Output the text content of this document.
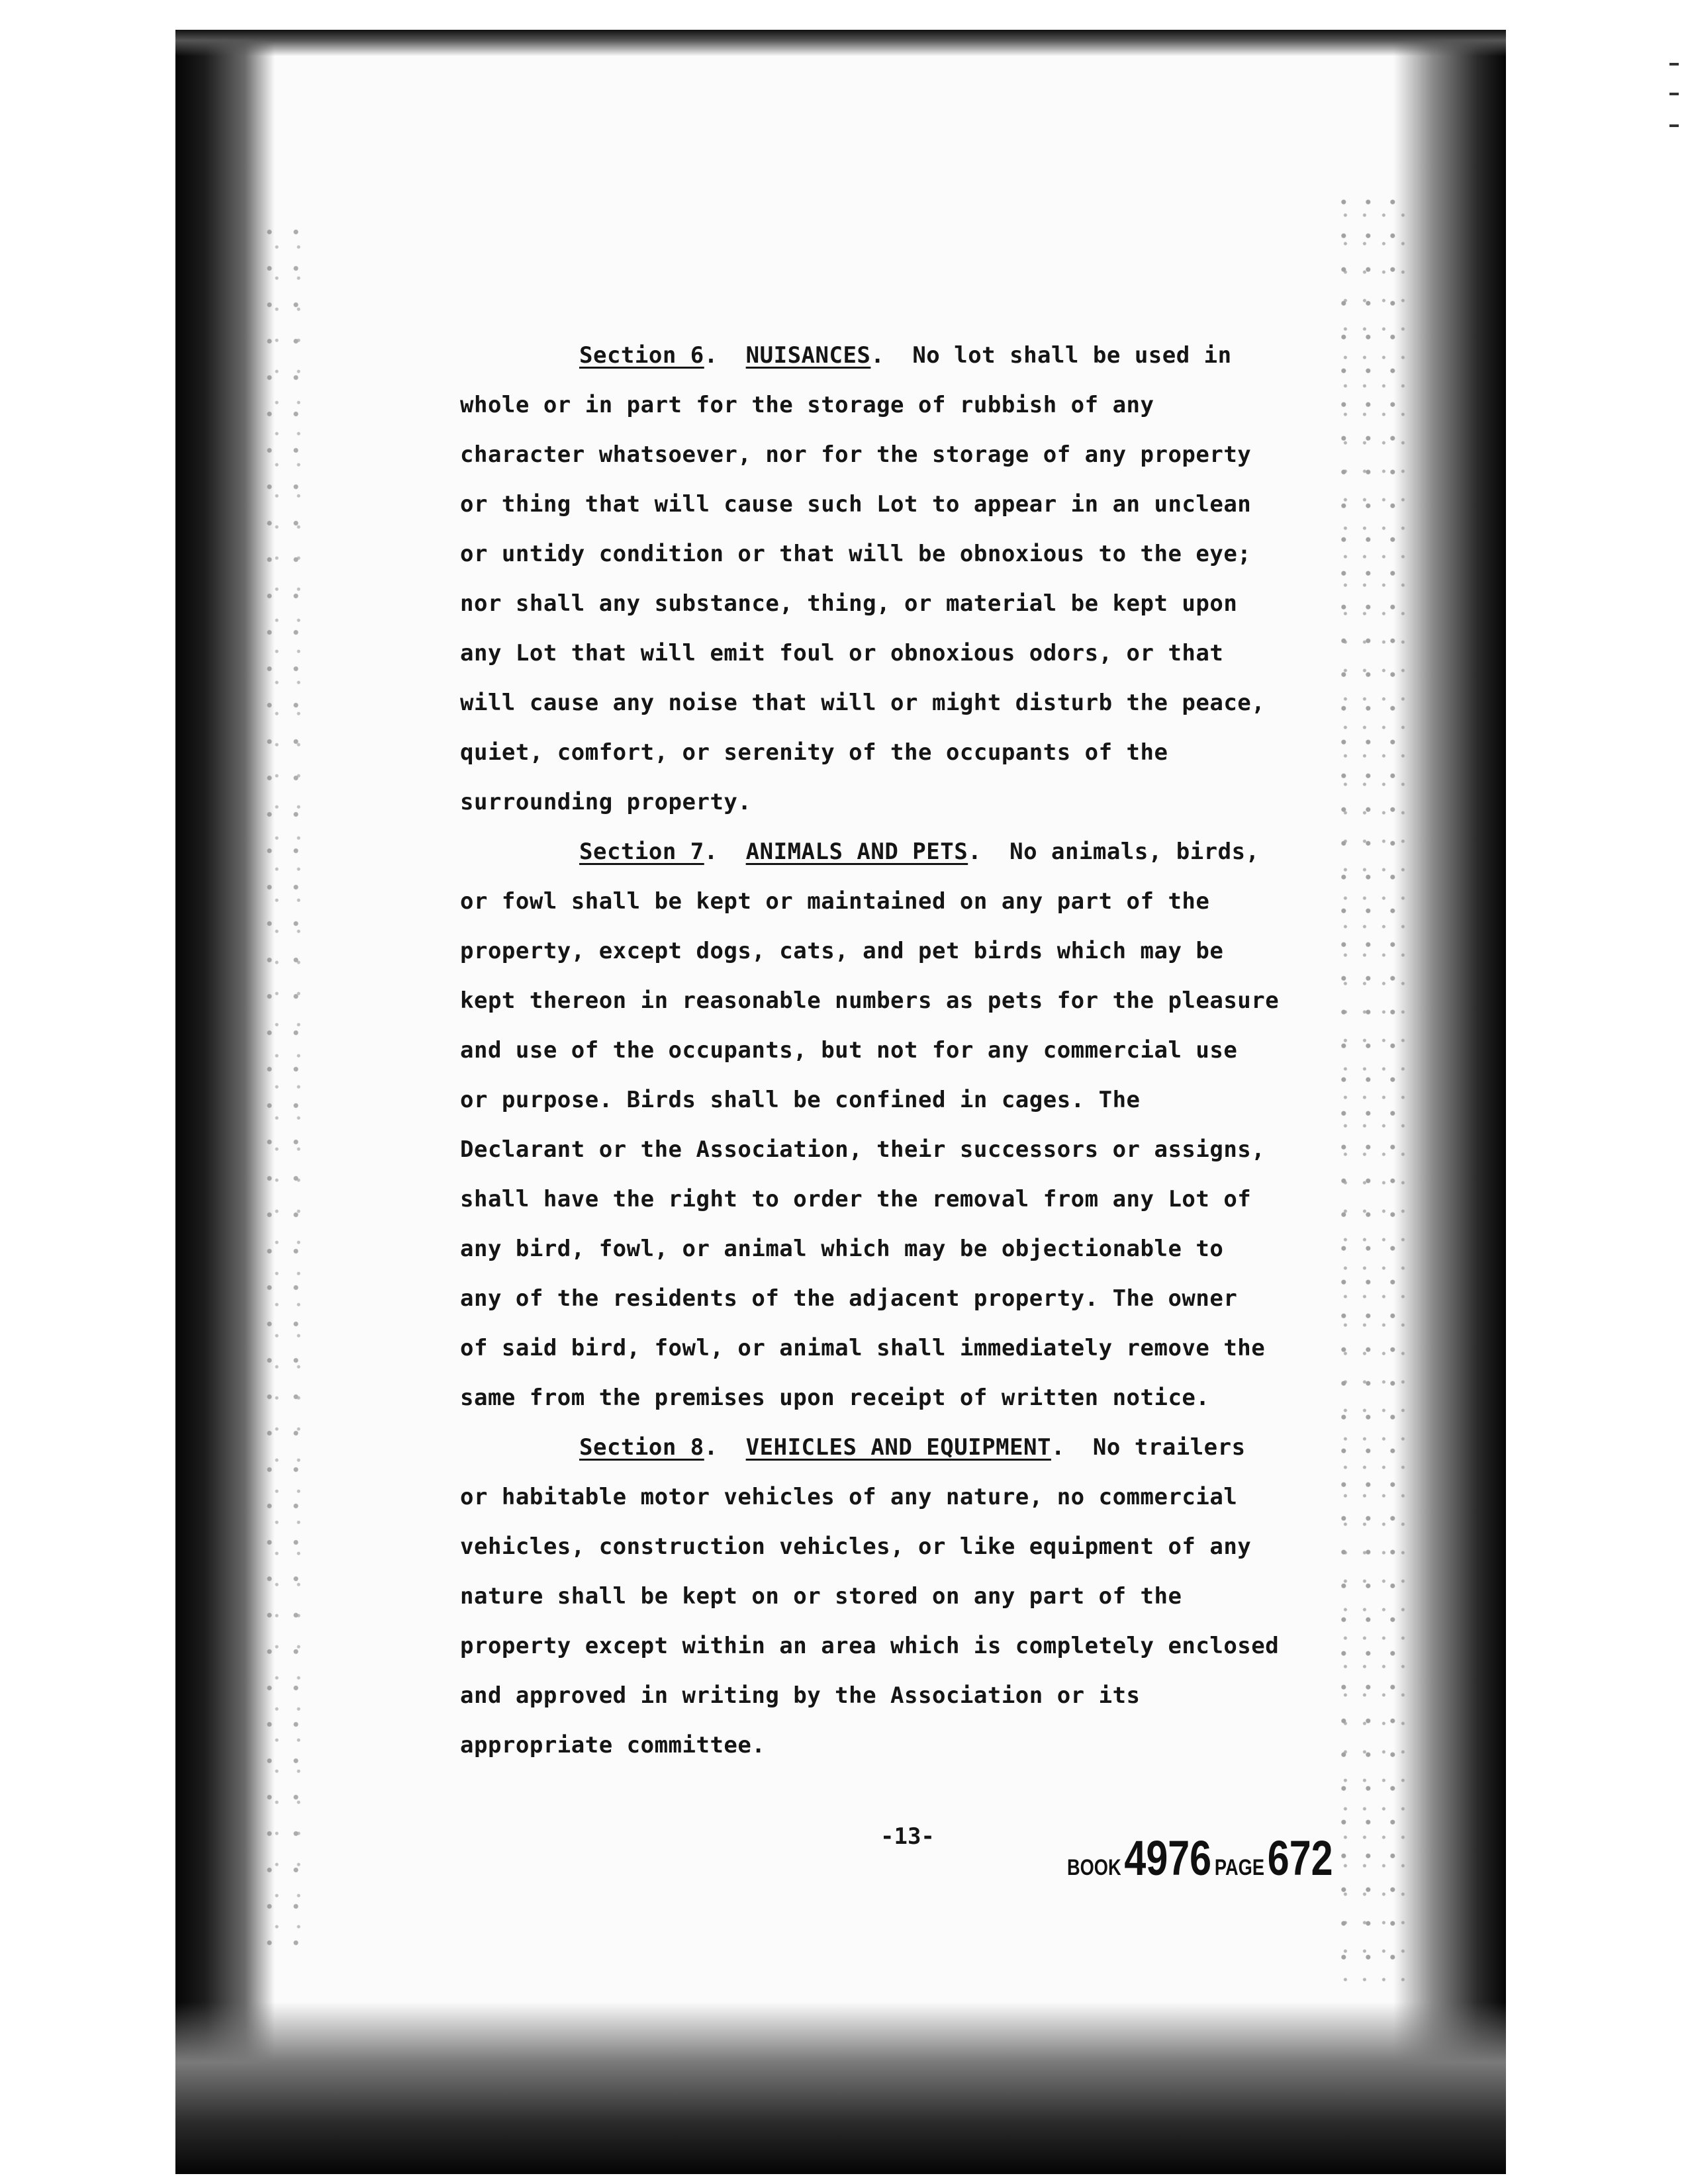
Section 6.  NUISANCES.  No lot shall be used in
whole or in part for the storage of rubbish of any
character whatsoever, nor for the storage of any property
or thing that will cause such Lot to appear in an unclean
or untidy condition or that will be obnoxious to the eye;
nor shall any substance, thing, or material be kept upon
any Lot that will emit foul or obnoxious odors, or that
will cause any noise that will or might disturb the peace,
quiet, comfort, or serenity of the occupants of the
surrounding property.
Section 7.  ANIMALS AND PETS.  No animals, birds,
or fowl shall be kept or maintained on any part of the
property, except dogs, cats, and pet birds which may be
kept thereon in reasonable numbers as pets for the pleasure
and use of the occupants, but not for any commercial use
or purpose. Birds shall be confined in cages. The
Declarant or the Association, their successors or assigns,
shall have the right to order the removal from any Lot of
any bird, fowl, or animal which may be objectionable to
any of the residents of the adjacent property. The owner
of said bird, fowl, or animal shall immediately remove the
same from the premises upon receipt of written notice.
Section 8.  VEHICLES AND EQUIPMENT.  No trailers
or habitable motor vehicles of any nature, no commercial
vehicles, construction vehicles, or like equipment of any
nature shall be kept on or stored on any part of the
property except within an area which is completely enclosed
and approved in writing by the Association or its
appropriate committee.
-13-
BOOK 4976 PAGE 672
